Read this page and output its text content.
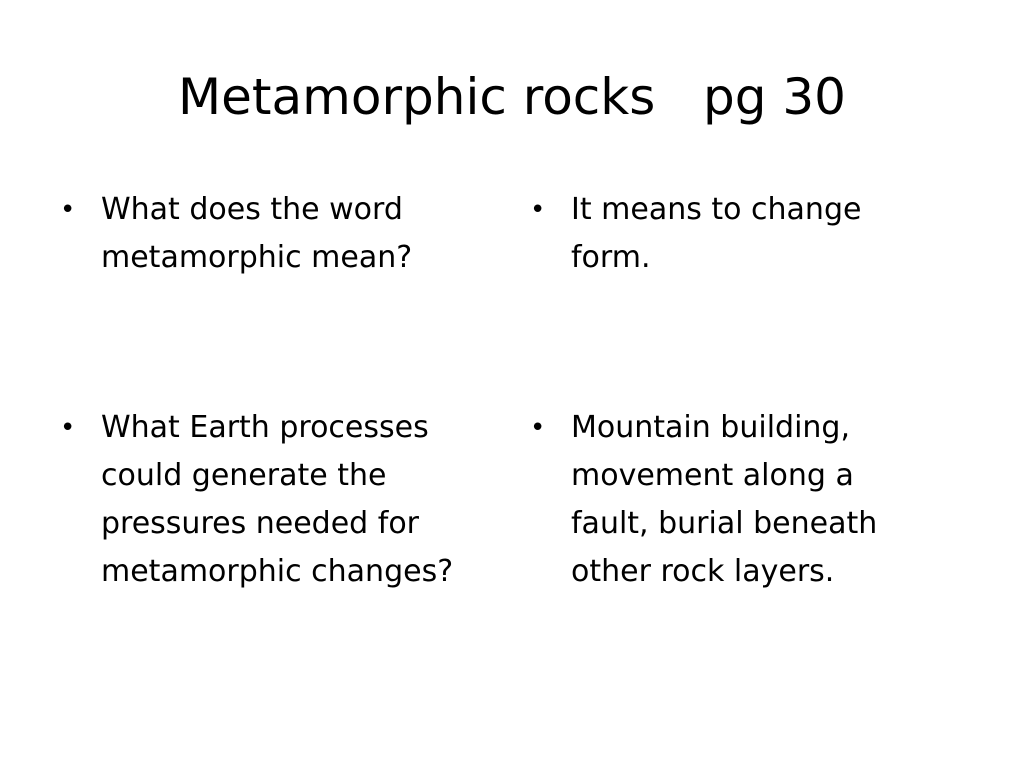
Metamorphic rocks   pg 30
• What does the word metamorphic mean?
• What Earth processes could generate the pressures needed for metamorphic changes?
• It means to change form.
• Mountain building, movement along a fault, burial beneath other rock layers.
